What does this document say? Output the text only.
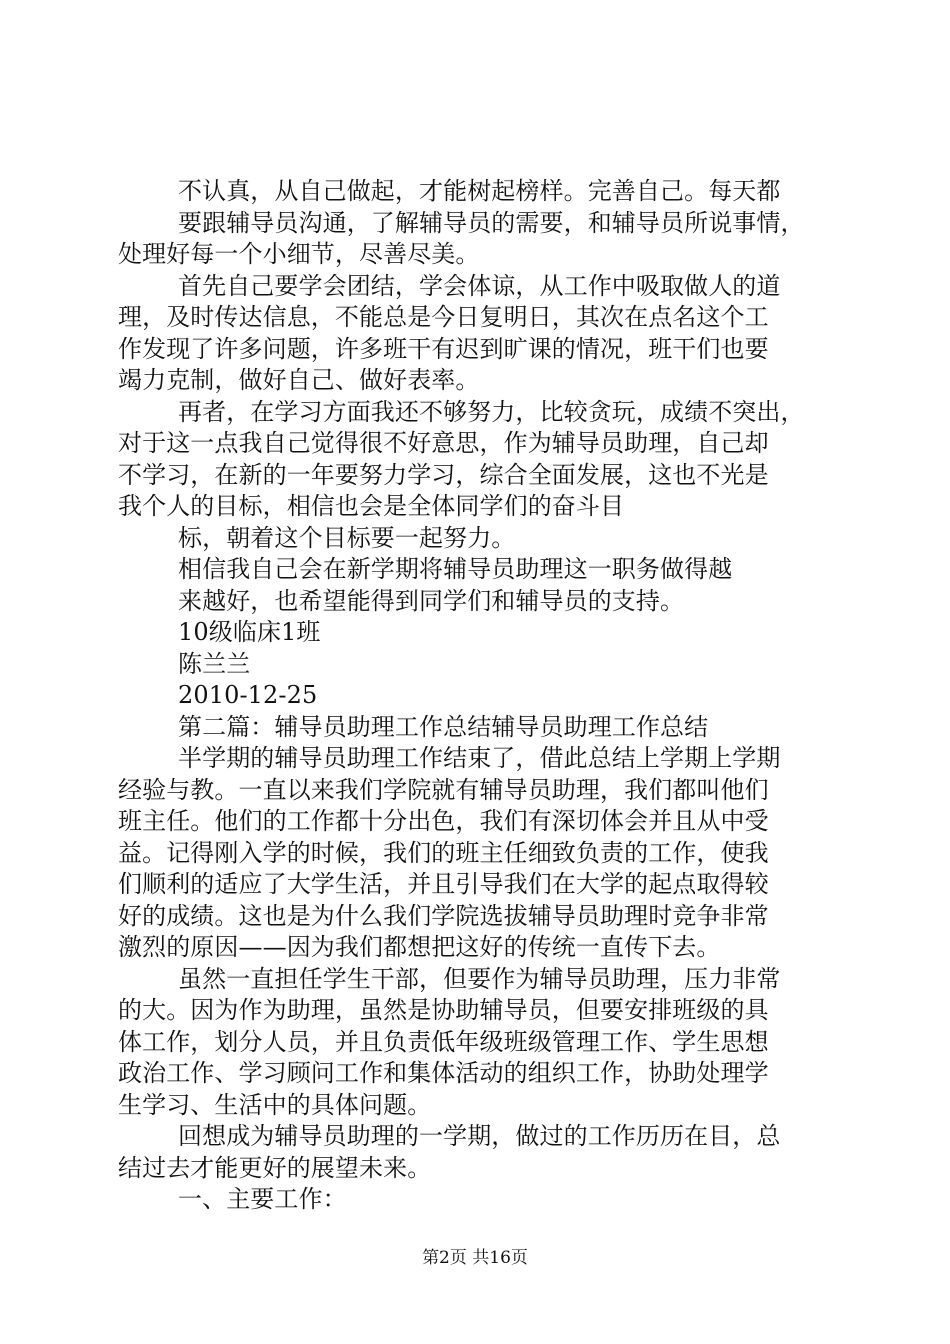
不认真，从自己做起，才能树起榜样。完善自己。每天都
要跟辅导员沟通，了解辅导员的需要，和辅导员所说事情，
处理好每一个小细节，尽善尽美。
首先自己要学会团结，学会体谅，从工作中吸取做人的道
理，及时传达信息，不能总是今日复明日，其次在点名这个工
作发现了许多问题，许多班干有迟到旷课的情况，班干们也要
竭力克制，做好自己、做好表率。
再者，在学习方面我还不够努力，比较贪玩，成绩不突出，
对于这一点我自己觉得很不好意思，作为辅导员助理，自己却
不学习，在新的一年要努力学习，综合全面发展，这也不光是
我个人的目标，相信也会是全体同学们的奋斗目
标，朝着这个目标要一起努力。
相信我自己会在新学期将辅导员助理这一职务做得越
来越好，也希望能得到同学们和辅导员的支持。
10级临床1班
陈兰兰
2010-12-25
第二篇：辅导员助理工作总结辅导员助理工作总结
半学期的辅导员助理工作结束了，借此总结上学期上学期
经验与教。一直以来我们学院就有辅导员助理，我们都叫他们
班主任。他们的工作都十分出色，我们有深切体会并且从中受
益。记得刚入学的时候，我们的班主任细致负责的工作，使我
们顺利的适应了大学生活，并且引导我们在大学的起点取得较
好的成绩。这也是为什么我们学院选拔辅导员助理时竞争非常
激烈的原因——因为我们都想把这好的传统一直传下去。
虽然一直担任学生干部，但要作为辅导员助理，压力非常
的大。因为作为助理，虽然是协助辅导员，但要安排班级的具
体工作，划分人员，并且负责低年级班级管理工作、学生思想
政治工作、学习顾问工作和集体活动的组织工作，协助处理学
生学习、生活中的具体问题。
回想成为辅导员助理的一学期，做过的工作历历在目，总
结过去才能更好的展望未来。
一、主要工作：
第2页 共16页
